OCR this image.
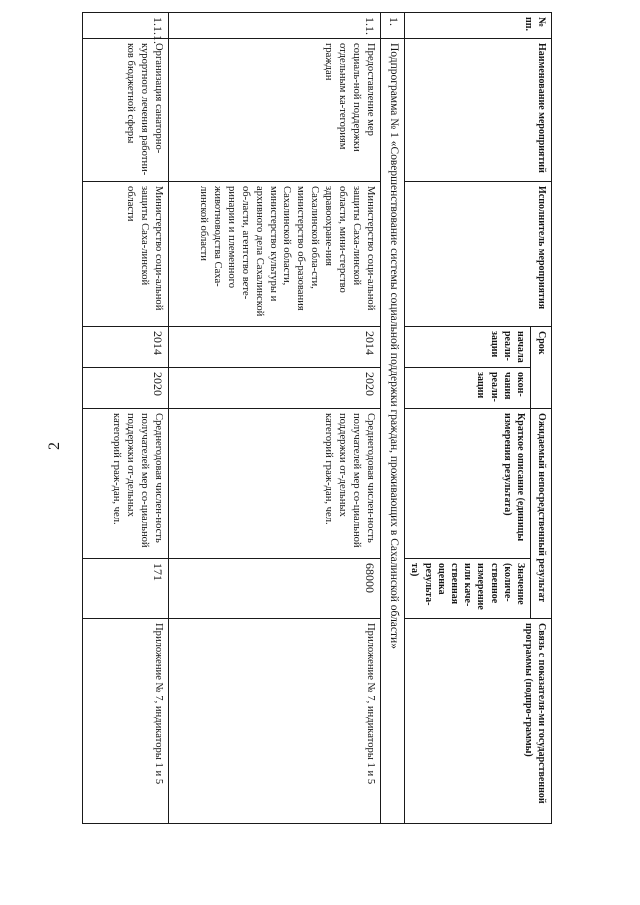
2
№ пп.	Наименование мероприятий	Исполнитель мероприятия	Срок		Ожидаемый непосредственный результат		Связь с показателя-ми государственной программы (подпро-граммы)
			начала реали-зации	окон-чания реали-зации	Краткое описание (единицы измерения результата)	Значение (количе-ственное измерение или каче-ственная оценка результа-та)	
1.	Подпрограмма № 1 «Совершенствование системы социальной поддержки граждан, проживающих в Сахалинской области»						
1.1.	Предоставление мер социаль-ной поддержки отдельным ка-тегориям граждан	Министерство соци-альной защиты Саха-линской области, мини-стерство здравоохране-ния Сахалинской обла-сти, министерство об-разования Сахалинской области, министерство культуры и архивного дела Сахалинской об-ласти, агентство вете-ринарии и племенного животноводства Саха-линской области	2014	2020	Среднегодовая числен-ность получателей мер со-циальной поддержки от-дельных категорий граж-дан, чел.	68000	Приложение № 7, индикаторы 1 и 5
1.1.1.	Организация санаторно-курортного лечения работни-ков бюджетной сферы	Министерство соци-альной защиты Саха-линской области	2014	2020	Среднегодовая числен-ность получателей мер со-циальной поддержки от-дельных категорий граж-дан, чел.	171	Приложение № 7, индикаторы 1 и 5
